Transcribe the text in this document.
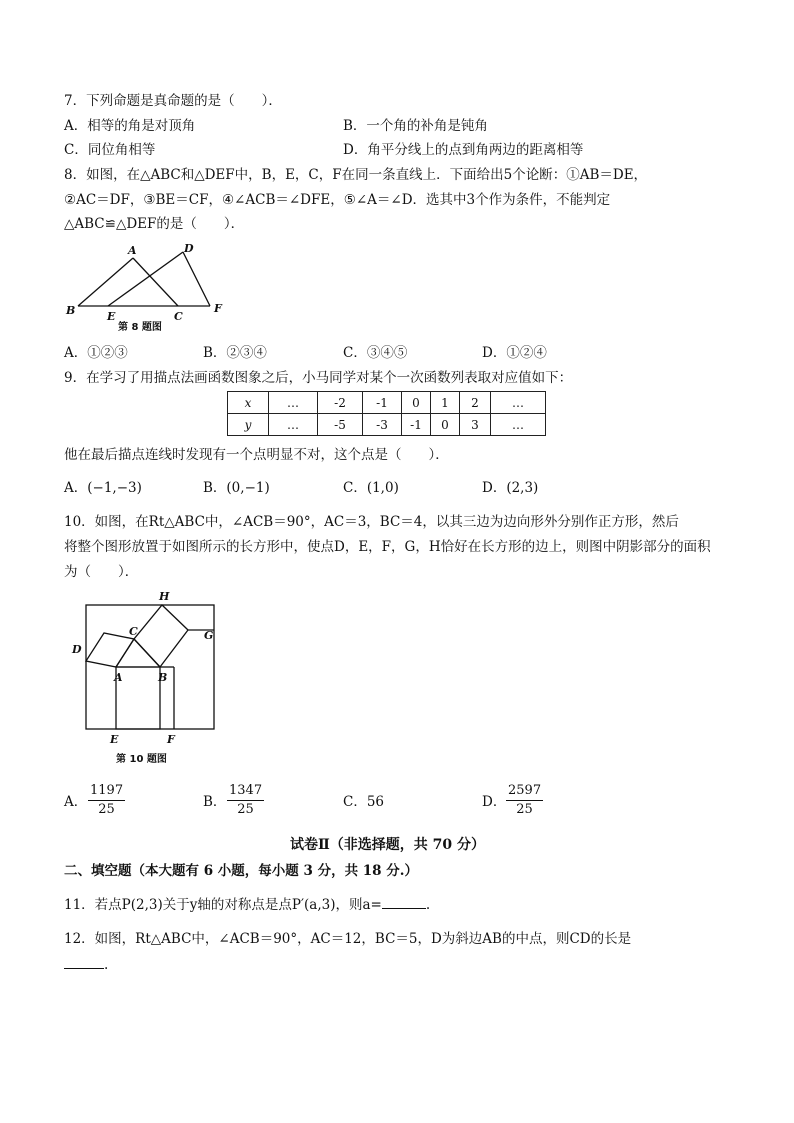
7．下列命题是真命题的是（　　）．
A．相等的角是对顶角	B．一个角的补角是钝角
C．同位角相等	D．角平分线上的点到角两边的距离相等
8．如图，在△ABC和△DEF中，B，E，C，F在同一条直线上．下面给出5个论断：①AB＝DE，
②AC＝DF，③BE＝CF，④∠ACB＝∠DFE，⑤∠A＝∠D．选其中3个作为条件，不能判定
△ABC≌△DEF的是（　　）．
A	D
B	E	C
F
第 8 题图
A．①②③	B．②③④	C．③④⑤	D．①②④
9．在学习了用描点法画函数图象之后，小马同学对某个一次函数列表取对应值如下：
x	…	-2	-1	0	1	2	…
y	…	-5	-3	-1	0	3	…
他在最后描点连线时发现有一个点明显不对，这个点是（　　）．
A．(−1,−3)	B．(0,−1)	C．(1,0)	D．(2,3)
10．如图，在Rt△ABC中，∠ACB＝90°，AC＝3，BC＝4，以其三边为边向形外分别作正方形，然后
将整个图形放置于如图所示的长方形中，使点D，E，F，G，H恰好在长方形的边上，则图中阴影部分的面积
为（　　）．
H
C	G
D
A	B
E	F
第 10 题图
A． $\frac{1197}{25}$	B． $\frac{1347}{25}$	C．56	D． $\frac{2597}{25}$
试卷Ⅱ（非选择题，共 70 分）
二、填空题（本大题有 6 小题，每小题 3 分，共 18 分.）
11．若点P(2,3)关于y轴的对称点是点P′(a,3)，则a=	.
12．如图，Rt△ABC中，∠ACB＝90°，AC＝12，BC＝5，D为斜边AB的中点，则CD的长是
.
